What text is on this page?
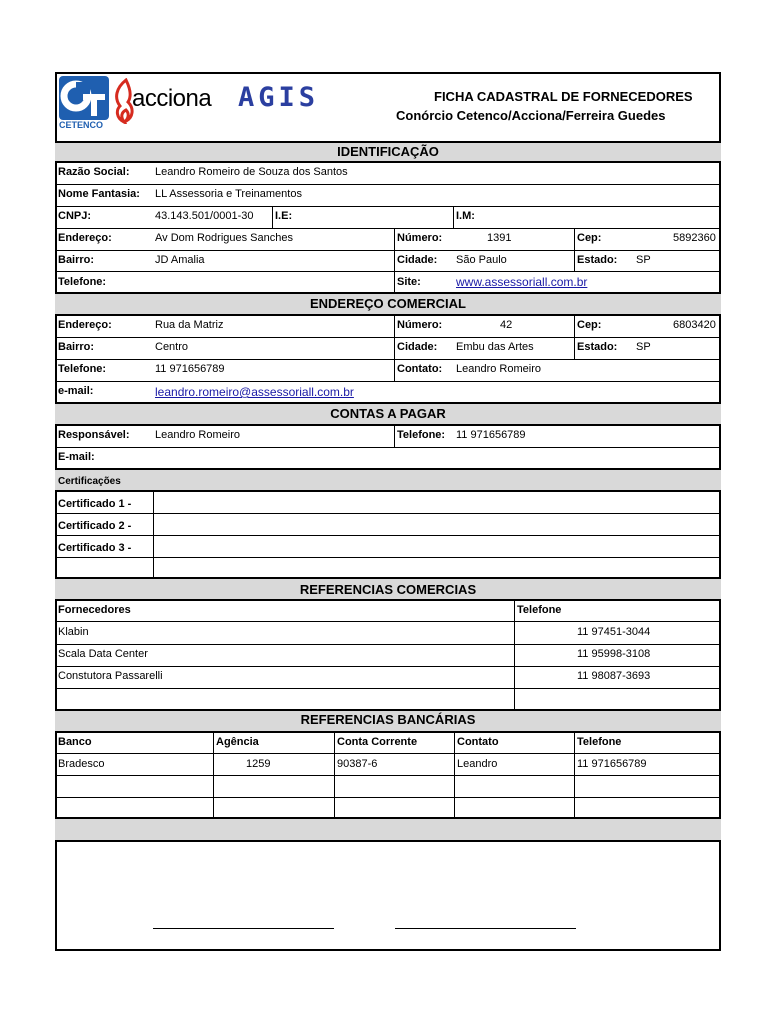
CETENCO
acciona AGIS	FICHA CADASTRAL DE FORNECEDORES
Conórcio Cetenco/Acciona/Ferreira Guedes
IDENTIFICAÇÃO
Razão Social: Leandro Romeiro de Souza dos Santos
Nome Fantasia: LL Assessoria e Treinamentos
CNPJ:	43.143.501/0001-30 I.E:	I.M:
Endereço:	Av Dom Rodrigues Sanches	Número:	1391	Cep:	5892360
Bairro:	JD Amalia	Cidade: São Paulo	Estado: SP
Telefone:	Site:	www.assessoriall.com.br
ENDEREÇO COMERCIAL
Endereço:	Rua da Matriz	Número:	42	Cep:	6803420
Bairro:	Centro	Cidade: Embu das Artes	Estado: SP
Telefone:	11 971656789	Contato: Leandro Romeiro
e-mail:	leandro.romeiro@assessoriall.com.br
CONTAS A PAGAR
Responsável: Leandro Romeiro	Telefone: 11 971656789
E-mail:
Certificações
Certificado 1 -
Certificado 2 -
Certificado 3 -
REFERENCIAS COMERCIAS
Fornecedores	Telefone
Klabin	11 97451-3044
Scala Data Center	11 95998-3108
Constutora Passarelli	11 98087-3693
REFERENCIAS BANCÁRIAS
Banco	Agência	Conta Corrente	Contato	Telefone
Bradesco	1259	90387-6	Leandro	11 971656789
